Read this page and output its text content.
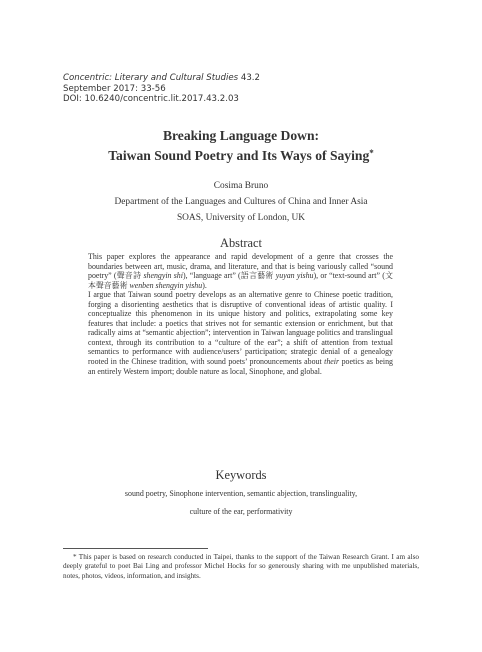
Concentric: Literary and Cultural Studies 43.2
September 2017: 33-56
DOI: 10.6240/concentric.lit.2017.43.2.03
Breaking Language Down:
Taiwan Sound Poetry and Its Ways of Saying*
Cosima Bruno
Department of the Languages and Cultures of China and Inner Asia
SOAS, University of London, UK
Abstract

This paper explores the appearance and rapid development of a genre that crosses the boundaries between art, music, drama, and literature, and that is being variously called “sound poetry” (聲音詩 shengyin shi), “language art” (語言藝術 yuyan yishu), or “text-sound art” (文本聲音藝術 wenben shengyin yishu).

I argue that Taiwan sound poetry develops as an alternative genre to Chinese poetic tradition, forging a disorienting aesthetics that is disruptive of conventional ideas of artistic quality. I conceptualize this phenomenon in its unique history and politics, extrapolating some key features that include: a poetics that strives not for semantic extension or enrichment, but that radically aims at “semantic abjection”; intervention in Taiwan language politics and translingual context, through its contribution to a “culture of the ear”; a shift of attention from textual semantics to performance with audience/users’ participation; strategic denial of a genealogy rooted in the Chinese tradition, with sound poets’ pronouncements about their poetics as being an entirely Western import; double nature as local, Sinophone, and global.

Keywords
sound poetry, Sinophone intervention, semantic abjection, translinguality,
culture of the ear, performativity
* This paper is based on research conducted in Taipei, thanks to the support of the Taiwan Research Grant. I am also deeply grateful to poet Bai Ling and professor Michel Hocks for so generously sharing with me unpublished materials, notes, photos, videos, information, and insights.
